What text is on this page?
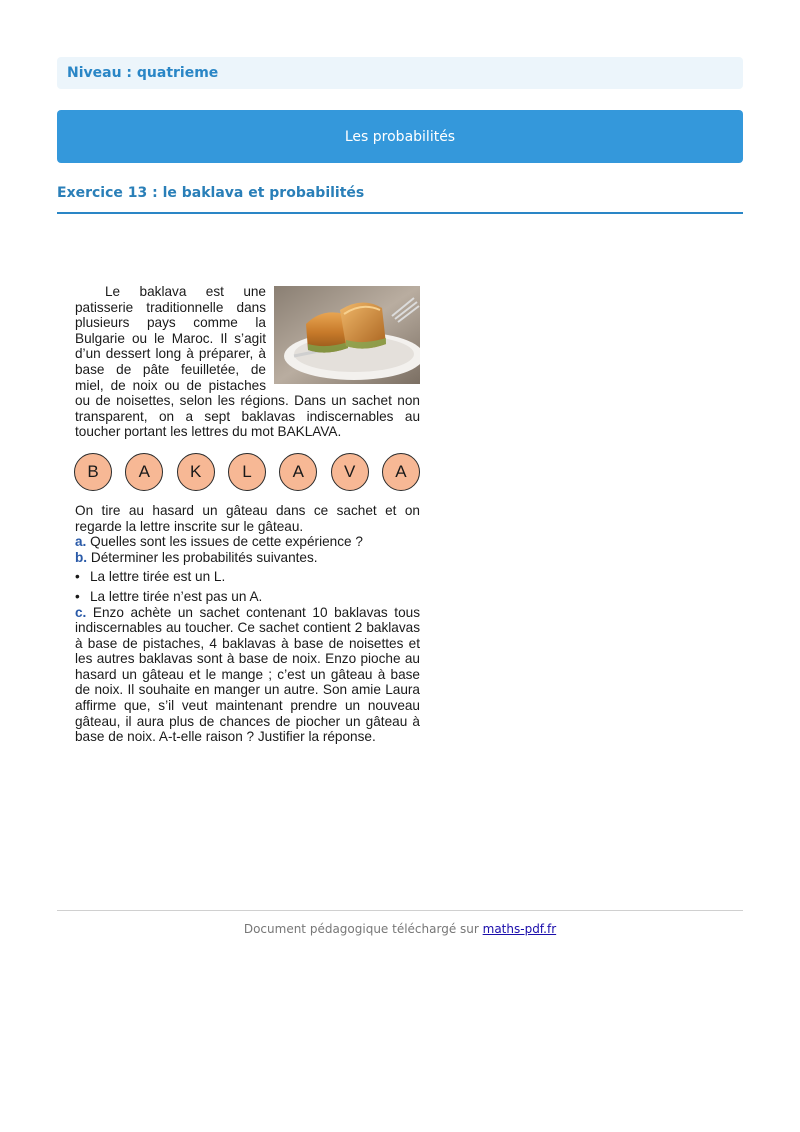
Niveau : quatrieme
Les probabilités
Exercice 13 : le baklava et probabilités

Le baklava est une patisserie traditionnelle dans plusieurs pays comme la Bulgarie ou le Maroc. Il s’agit d’un dessert long à préparer, à base de pâte feuilletée, de miel, de noix ou de pistaches ou de noisettes, selon les régions. Dans un sachet non transparent, on a sept baklavas indiscernables au toucher portant les lettres du mot BAKLAVA.

B	A	K	L	A	V	A

On tire au hasard un gâteau dans ce sachet et on regarde la lettre inscrite sur le gâteau.

a. Quelles sont les issues de cette expérience ?

b. Déterminer les probabilités suivantes.

• La lettre tirée est un L.
• La lettre tirée n’est pas un A.

c. Enzo achète un sachet contenant 10 baklavas tous indiscernables au toucher. Ce sachet contient 2 baklavas à base de pistaches, 4 baklavas à base de noisettes et les autres baklavas sont à base de noix. Enzo pioche au hasard un gâteau et le mange ; c’est un gâteau à base de noix. Il souhaite en manger un autre. Son amie Laura affirme que, s’il veut maintenant prendre un nouveau gâteau, il aura plus de chances de piocher un gâteau à base de noix. A-t-elle raison ? Justifier la réponse.

Document pédagogique téléchargé sur maths-pdf.fr
